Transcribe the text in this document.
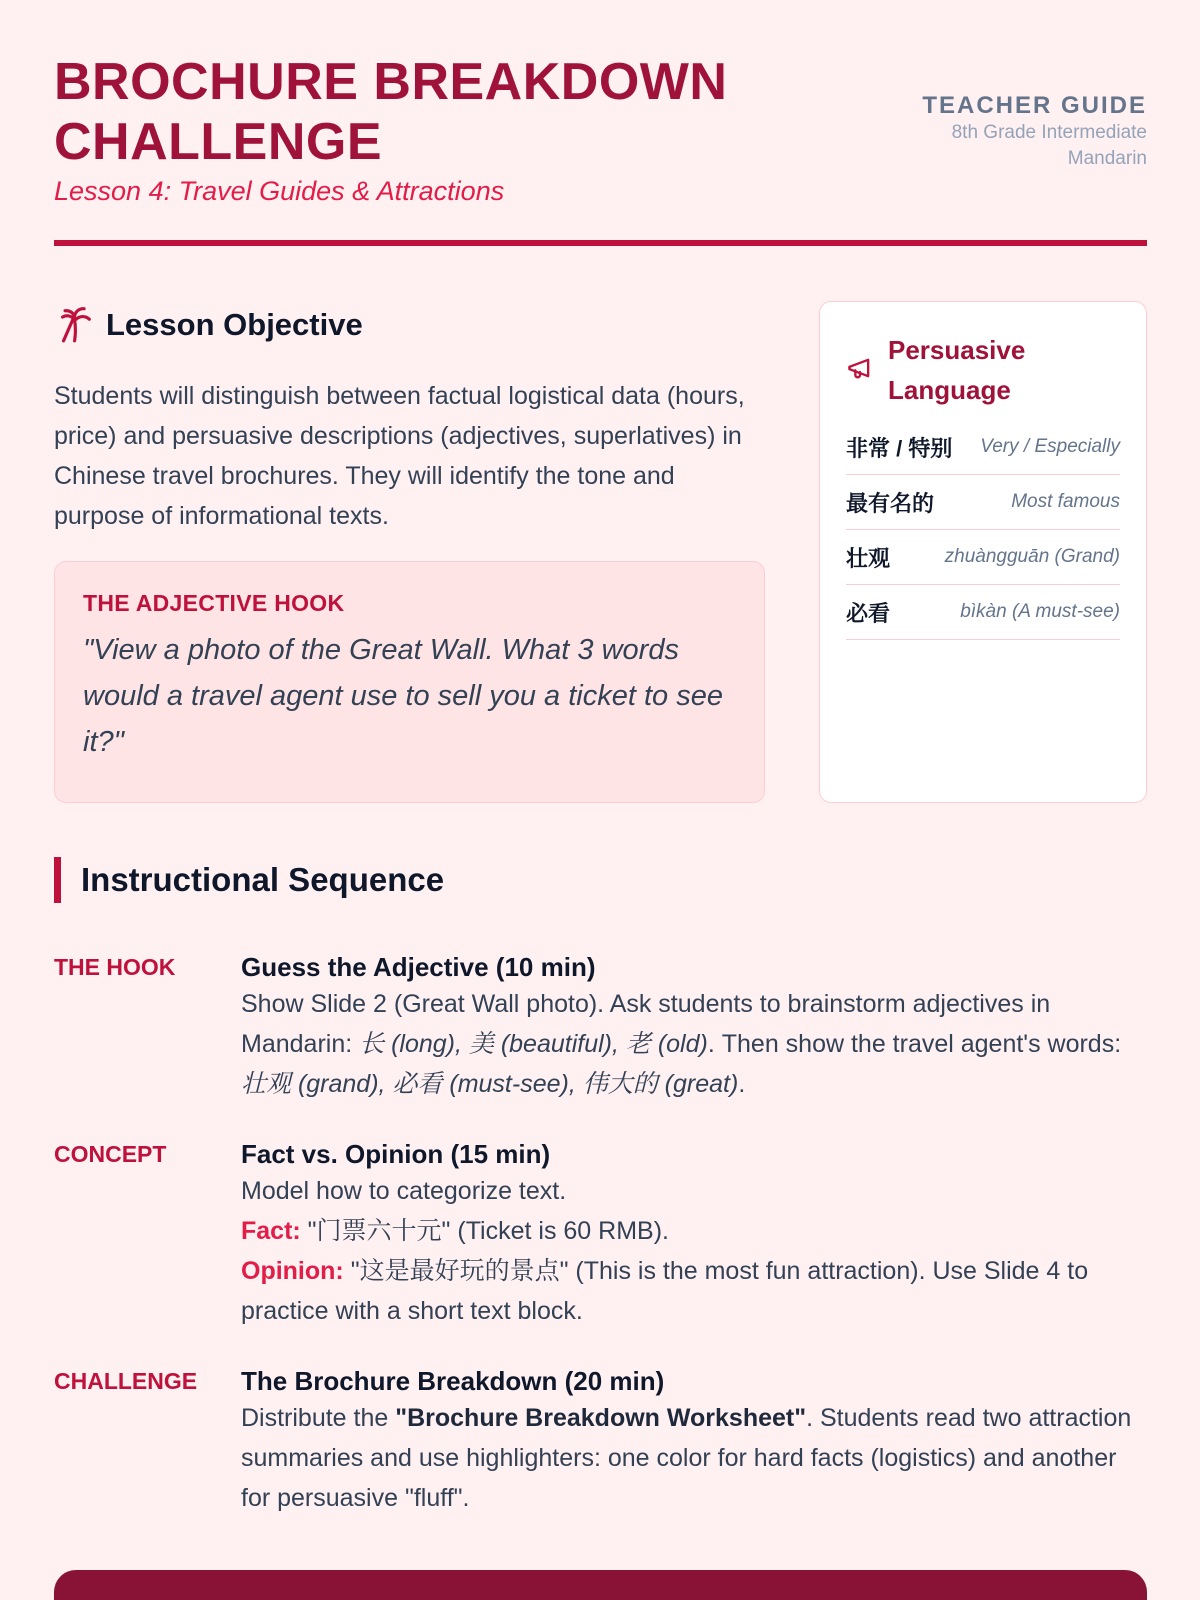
BROCHURE BREAKDOWN CHALLENGE
Lesson 4: Travel Guides & Attractions
TEACHER GUIDE
8th Grade Intermediate Mandarin
Lesson Objective
Students will distinguish between factual logistical data (hours, price) and persuasive descriptions (adjectives, superlatives) in Chinese travel brochures. They will identify the tone and purpose of informational texts.
THE ADJECTIVE HOOK
"View a photo of the Great Wall. What 3 words would a travel agent use to sell you a ticket to see it?"
Persuasive Language
非常 / 特别 Very / Especially
最有名的	Most famous
壮观	zhuàngguān (Grand)
必看	bìkàn (A must-see)
Instructional Sequence
THE HOOK	Guess the Adjective (10 min)
Show Slide 2 (Great Wall photo). Ask students to brainstorm adjectives in Mandarin: 长 (long), 美 (beautiful), 老 (old). Then show the travel agent's words: 壮观 (grand), 必看 (must-see), 伟大的 (great).
CONCEPT	Fact vs. Opinion (15 min)
Model how to categorize text.
Fact: "门票六十元" (Ticket is 60 RMB).
Opinion: "这是最好玩的景点" (This is the most fun attraction). Use Slide 4 to practice with a short text block.
CHALLENGE The Brochure Breakdown (20 min)
Distribute the "Brochure Breakdown Worksheet". Students read two attraction summaries and use highlighters: one color for hard facts (logistics) and another for persuasive "fluff".
